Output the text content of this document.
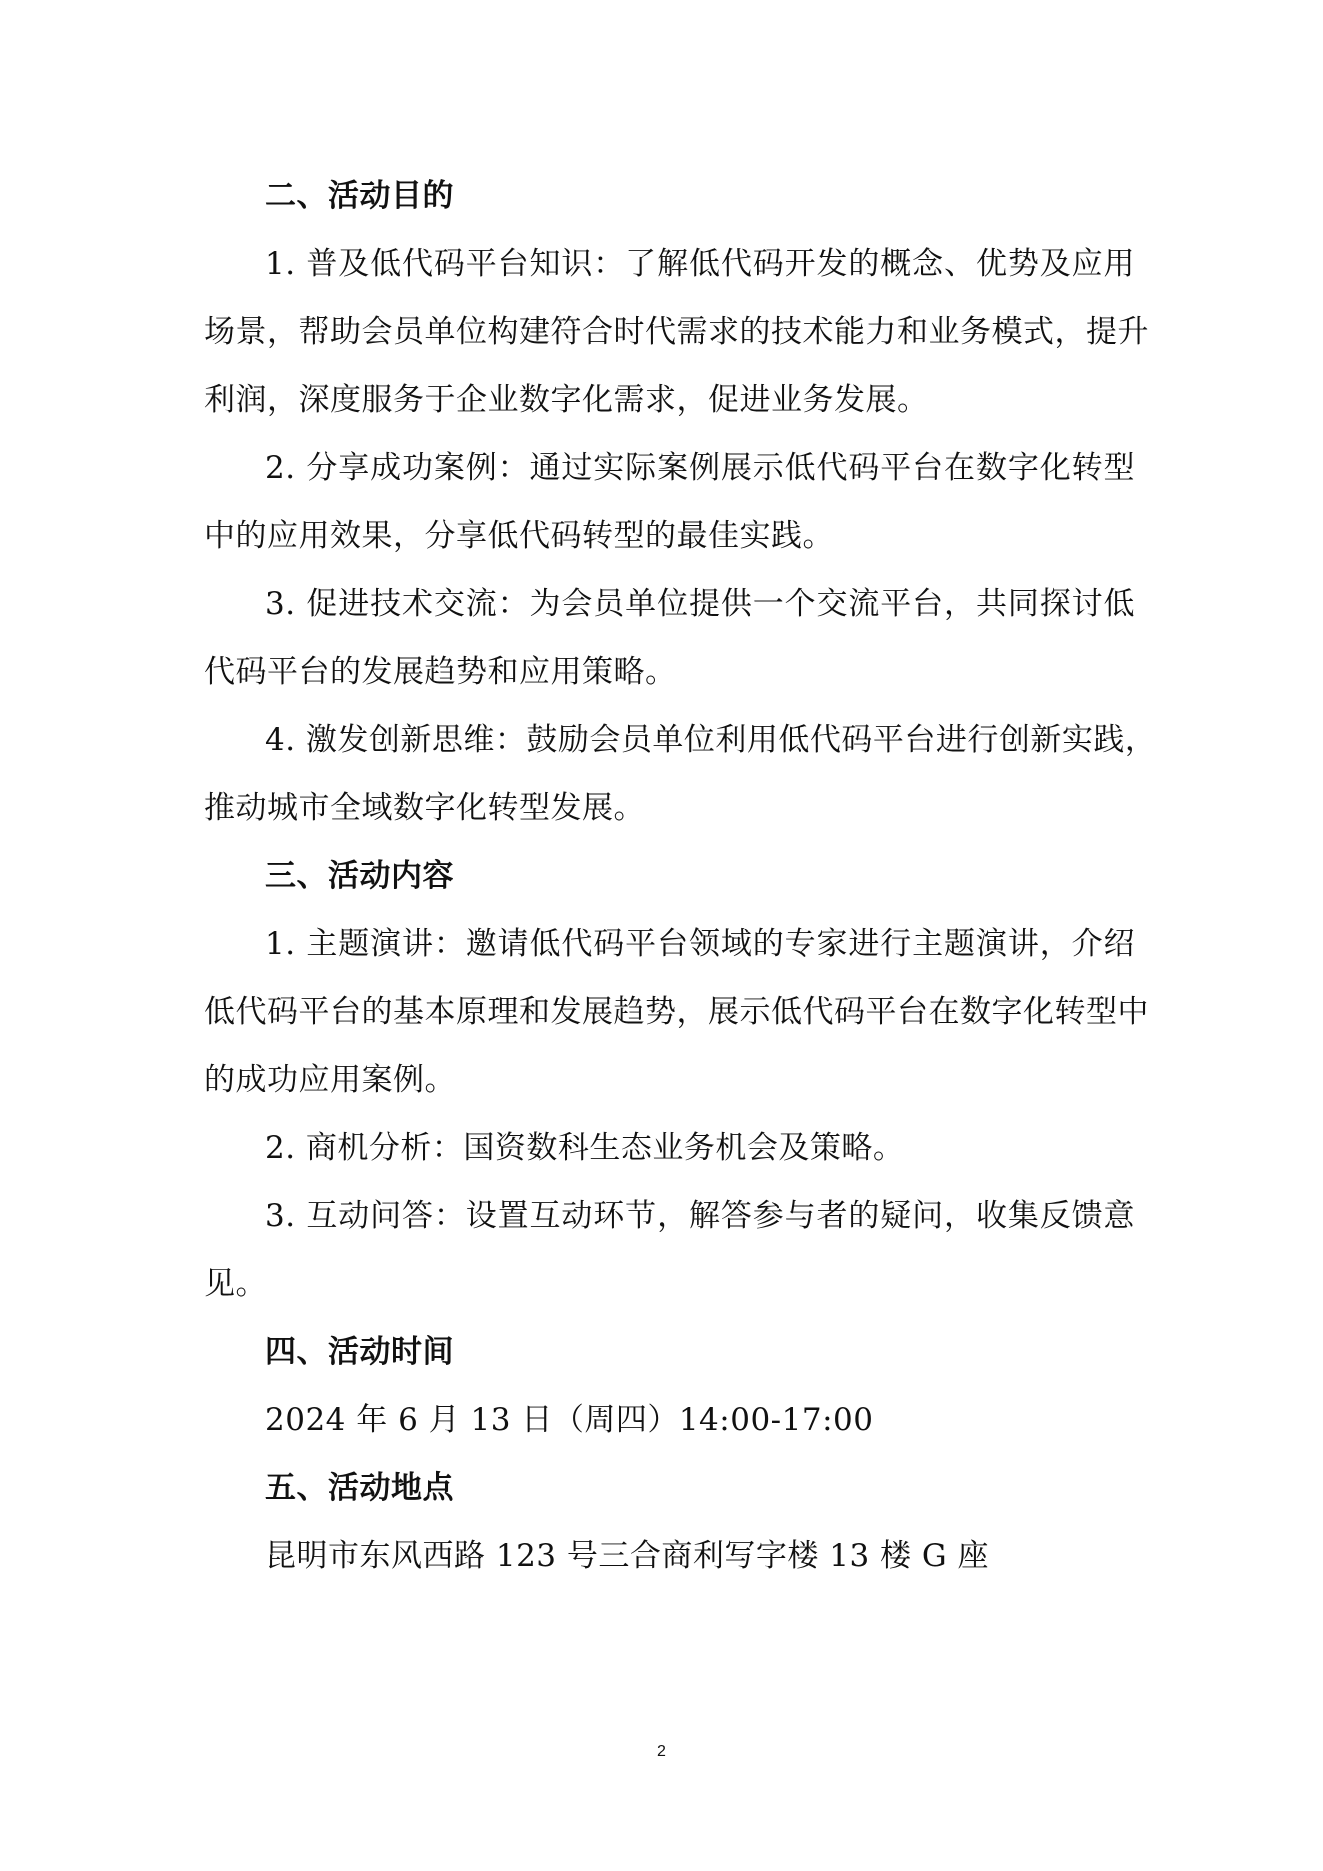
二、活动目的
1. 普及低代码平台知识：了解低代码开发的概念、优势及应用
场景，帮助会员单位构建符合时代需求的技术能力和业务模式，提升
利润，深度服务于企业数字化需求，促进业务发展。
2. 分享成功案例：通过实际案例展示低代码平台在数字化转型
中的应用效果，分享低代码转型的最佳实践。
3. 促进技术交流：为会员单位提供一个交流平台，共同探讨低
代码平台的发展趋势和应用策略。
4. 激发创新思维：鼓励会员单位利用低代码平台进行创新实践，
推动城市全域数字化转型发展。
三、活动内容
1. 主题演讲：邀请低代码平台领域的专家进行主题演讲，介绍
低代码平台的基本原理和发展趋势，展示低代码平台在数字化转型中
的成功应用案例。
2. 商机分析：国资数科生态业务机会及策略。
3. 互动问答：设置互动环节，解答参与者的疑问，收集反馈意
见。
四、活动时间
2024 年 6 月 13 日（周四）14:00-17:00
五、活动地点
昆明市东风西路 123 号三合商利写字楼 13 楼 G 座
2
